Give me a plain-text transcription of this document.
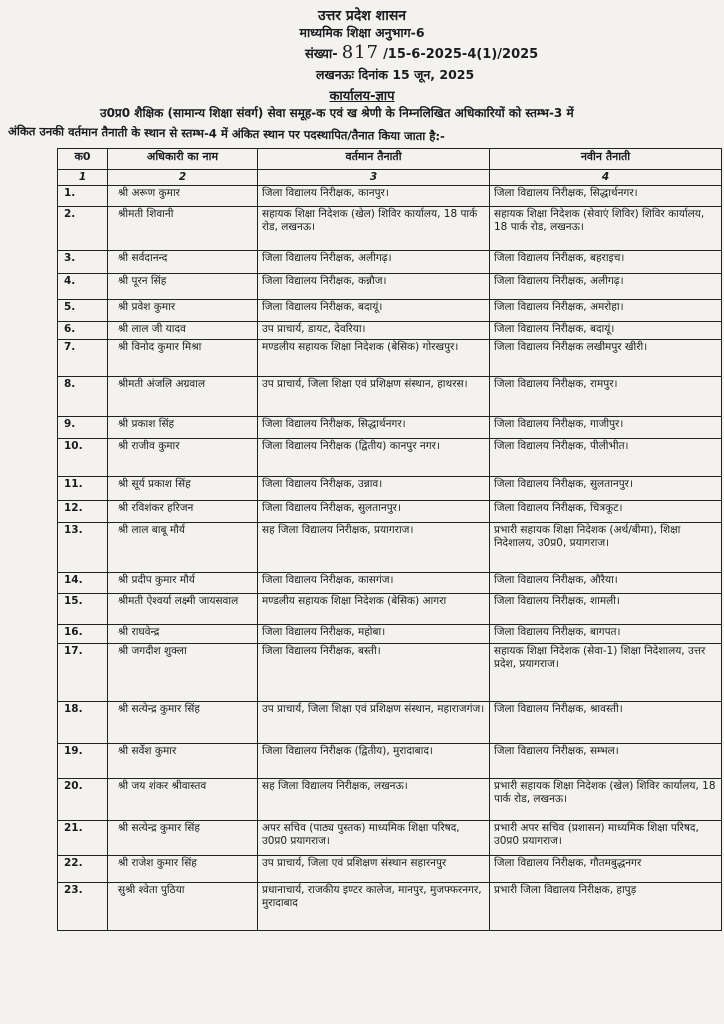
उत्तर प्रदेश शासन
माध्यमिक शिक्षा अनुभाग-6
संख्या- 817 /15-6-2025-4(1)/2025
लखनऊः दिनांक 15 जून, 2025
कार्यालय-ज्ञाप
उ0प्र0 शैक्षिक (सामान्य शिक्षा संवर्ग) सेवा समूह-क एवं ख श्रेणी के निम्नलिखित अधिकारियों को स्तम्भ-3 में
अंकित उनकी वर्तमान तैनाती के स्थान से स्तम्भ-4 में अंकित स्थान पर पदस्थापित/तैनात किया जाता है:-
क0	अधिकारी का नाम	वर्तमान तैनाती	नवीन तैनाती
1	2	3	4
1.	श्री अरूण कुमार	जिला विद्यालय निरीक्षक, कानपुर।	जिला विद्यालय निरीक्षक, सिद्धार्थनगर।
2.	श्रीमती शिवानी	सहायक शिक्षा निदेशक (खेल) शिविर कार्यालय, 18 पार्क रोड, लखनऊ।	सहायक शिक्षा निदेशक (सेवाएं शिविर) शिविर कार्यालय, 18 पार्क रोड, लखनऊ।
3.	श्री सर्वदानन्द	जिला विद्यालय निरीक्षक, अलीगढ़।	जिला विद्यालय निरीक्षक, बहराइच।
4.	श्री पूरन सिंह	जिला विद्यालय निरीक्षक, कन्नौज।	जिला विद्यालय निरीक्षक, अलीगढ़।
5.	श्री प्रवेश कुमार	जिला विद्यालय निरीक्षक, बदायूं।	जिला विद्यालय निरीक्षक, अमरोहा।
6.	श्री लाल जी यादव	उप प्राचार्य, डायट, देवरिया।	जिला विद्यालय निरीक्षक, बदायूं।
7.	श्री विनोद कुमार मिश्रा	मण्डलीय सहायक शिक्षा निदेशक (बेसिक) गोरखपुर।	जिला विद्यालय निरीक्षक लखीमपुर खीरी।
8.	श्रीमती अंजलि अग्रवाल	उप प्राचार्य, जिला शिक्षा एवं प्रशिक्षण संस्थान, हाथरस।	जिला विद्यालय निरीक्षक, रामपुर।
9.	श्री प्रकाश सिंह	जिला विद्यालय निरीक्षक, सिद्धार्थनगर।	जिला विद्यालय निरीक्षक, गाजीपुर।
10.	श्री राजीव कुमार	जिला विद्यालय निरीक्षक (द्वितीय) कानपुर नगर।	जिला विद्यालय निरीक्षक, पीलीभीत।
11.	श्री सूर्य प्रकाश सिंह	जिला विद्यालय निरीक्षक, उन्नाव।	जिला विद्यालय निरीक्षक, सुलतानपुर।
12.	श्री रविशंकर हरिजन	जिला विद्यालय निरीक्षक, सुलतानपुर।	जिला विद्यालय निरीक्षक, चित्रकूट।
13.	श्री लाल बाबू मौर्य	सह जिला विद्यालय निरीक्षक, प्रयागराज।	प्रभारी सहायक शिक्षा निदेशक (अर्थ/बीमा), शिक्षा निदेशालय, उ0प्र0, प्रयागराज।
14.	श्री प्रदीप कुमार मौर्य	जिला विद्यालय निरीक्षक, कासगंज।	जिला विद्यालय निरीक्षक, औरैया।
15.	श्रीमती ऐश्वर्या लक्ष्मी जायसवाल	मण्डलीय सहायक शिक्षा निदेशक (बेसिक) आगरा	जिला विद्यालय निरीक्षक, शामली।
16.	श्री राघवेन्द्र	जिला विद्यालय निरीक्षक, महोबा।	जिला विद्यालय निरीक्षक, बागपत।
17.	श्री जगदीश शुक्ला	जिला विद्यालय निरीक्षक, बस्ती।	सहायक शिक्षा निदेशक (सेवा-1) शिक्षा निदेशालय, उत्तर प्रदेश, प्रयागराज।
18.	श्री सत्येन्द्र कुमार सिंह	उप प्राचार्य, जिला शिक्षा एवं प्रशिक्षण संस्थान, महाराजगंज।	जिला विद्यालय निरीक्षक, श्रावस्ती।
19.	श्री सर्वेश कुमार	जिला विद्यालय निरीक्षक (द्वितीय), मुरादाबाद।	जिला विद्यालय निरीक्षक, सम्भल।
20.	श्री जय शंकर श्रीवास्तव	सह जिला विद्यालय निरीक्षक, लखनऊ।	प्रभारी सहायक शिक्षा निदेशक (खेल) शिविर कार्यालय, 18 पार्क रोड, लखनऊ।
21.	श्री सत्येन्द्र कुमार सिंह	अपर सचिव (पाठ्य पुस्तक) माध्यमिक शिक्षा परिषद, उ0प्र0 प्रयागराज।	प्रभारी अपर सचिव (प्रशासन) माध्यमिक शिक्षा परिषद, उ0प्र0 प्रयागराज।
22.	श्री राजेश कुमार सिंह	उप प्राचार्य, जिला एवं प्रशिक्षण संस्थान सहारनपुर	जिला विद्यालय निरीक्षक, गौतमबुद्धनगर
23.	सुश्री श्वेता पुठिया	प्रधानाचार्य, राजकीय इण्टर कालेज, मानपुर, मुजफ्फरनगर, मुरादाबाद	प्रभारी जिला विद्यालय निरीक्षक, हापुड़
